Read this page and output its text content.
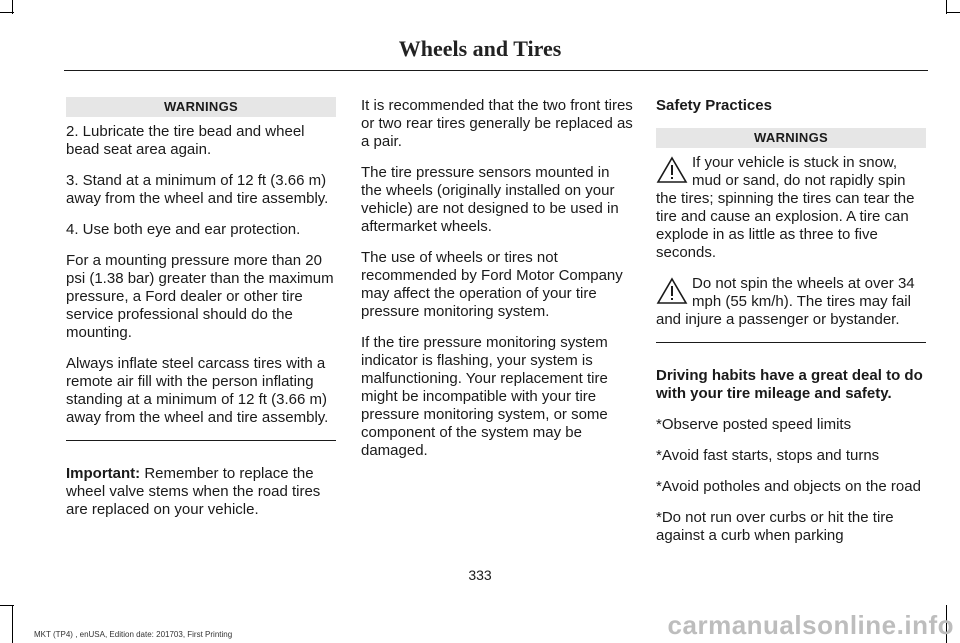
Wheels and Tires
WARNINGS

2. Lubricate the tire bead and wheel bead seat area again.

3. Stand at a minimum of 12 ft (3.66 m) away from the wheel and tire assembly.

4. Use both eye and ear protection.

For a mounting pressure more than 20 psi (1.38 bar) greater than the maximum pressure, a Ford dealer or other tire service professional should do the mounting.

Always inflate steel carcass tires with a remote air fill with the person inflating standing at a minimum of 12 ft (3.66 m) away from the wheel and tire assembly.

Important: Remember to replace the wheel valve stems when the road tires are replaced on your vehicle.

It is recommended that the two front tires or two rear tires generally be replaced as a pair.

The tire pressure sensors mounted in the wheels (originally installed on your vehicle) are not designed to be used in aftermarket wheels.

The use of wheels or tires not recommended by Ford Motor Company may affect the operation of your tire pressure monitoring system.

If the tire pressure monitoring system indicator is flashing, your system is malfunctioning. Your replacement tire might be incompatible with your tire pressure monitoring system, or some component of the system may be damaged.

Safety Practices

WARNINGS

If your vehicle is stuck in snow, mud or sand, do not rapidly spin the tires; spinning the tires can tear the tire and cause an explosion. A tire can explode in as little as three to five seconds.

Do not spin the wheels at over 34 mph (55 km/h). The tires may fail and injure a passenger or bystander.

Driving habits have a great deal to do with your tire mileage and safety.

*Observe posted speed limits

*Avoid fast starts, stops and turns

*Avoid potholes and objects on the road

*Do not run over curbs or hit the tire against a curb when parking

333
MKT (TP4) , enUSA, Edition date: 201703, First Printing	carmanualsonline.info
